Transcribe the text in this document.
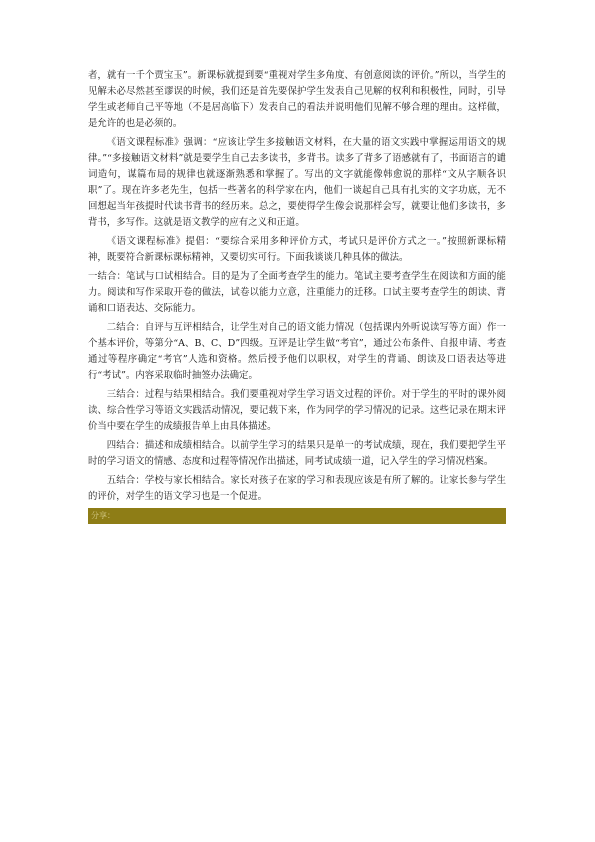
者，就有一千个贾宝玉”。新课标就提到要“重视对学生多角度、有创意阅读的评价。”所以，当学生的见解未必尽然甚至谬误的时候，我们还是首先要保护学生发表自己见解的权利和积极性，同时，引导学生或老师自己平等地（不是居高临下）发表自己的看法并说明他们见解不够合理的理由。这样做，是允许的也是必须的。

《语文课程标准》强调：“应该让学生多接触语文材料，在大量的语文实践中掌握运用语文的规律。”“多接触语文材料”就是要学生自己去多读书，多背书。读多了背多了语感就有了，书面语言的谴词造句，谋篇布局的规律也就逐渐熟悉和掌握了。写出的文字就能像韩愈说的那样“文从字顺各识职”了。现在许多老先生，包括一些著名的科学家在内，他们一谈起自己具有扎实的文字功底，无不回想起当年孩提时代读书背书的经历来。总之，要使得学生像会说那样会写，就要让他们多读书，多背书，多写作。这就是语文教学的应有之义和正道。

《语文课程标准》提倡：“要综合采用多种评价方式，考试只是评价方式之一。”按照新课标精神，既要符合新课标课标精神，又要切实可行。下面我谈谈几种具体的做法。

一结合：笔试与口试相结合。目的是为了全面考查学生的能力。笔试主要考查学生在阅读和方面的能力。阅读和写作采取开卷的做法，试卷以能力立意，注重能力的迁移。口试主要考查学生的朗读、背诵和口语表达、交际能力。

二结合：自评与互评相结合，让学生对自己的语文能力情况（包括课内外听说读写等方面）作一个基本评价，等第分“A、B、C、D”四级。互评是让学生做“考官”，通过公布条件、自报申请、考查通过等程序确定“考官”人选和资格。然后授予他们以职权，对学生的背诵、朗读及口语表达等进行“考试”。内容采取临时抽签办法确定。

三结合：过程与结果相结合。我们要重视对学生学习语文过程的评价。对于学生的平时的课外阅读、综合性学习等语文实践活动情况，要记载下来，作为同学的学习情况的记录。这些记录在期末评价当中要在学生的成绩报告单上由具体描述。

四结合：描述和成绩相结合。以前学生学习的结果只是单一的考试成绩，现在，我们要把学生平时的学习语文的情感、态度和过程等情况作出描述，同考试成绩一道，记入学生的学习情况档案。

五结合：学校与家长相结合。家长对孩子在家的学习和表现应该是有所了解的。让家长参与学生的评价，对学生的语文学习也是一个促进。

分享：
